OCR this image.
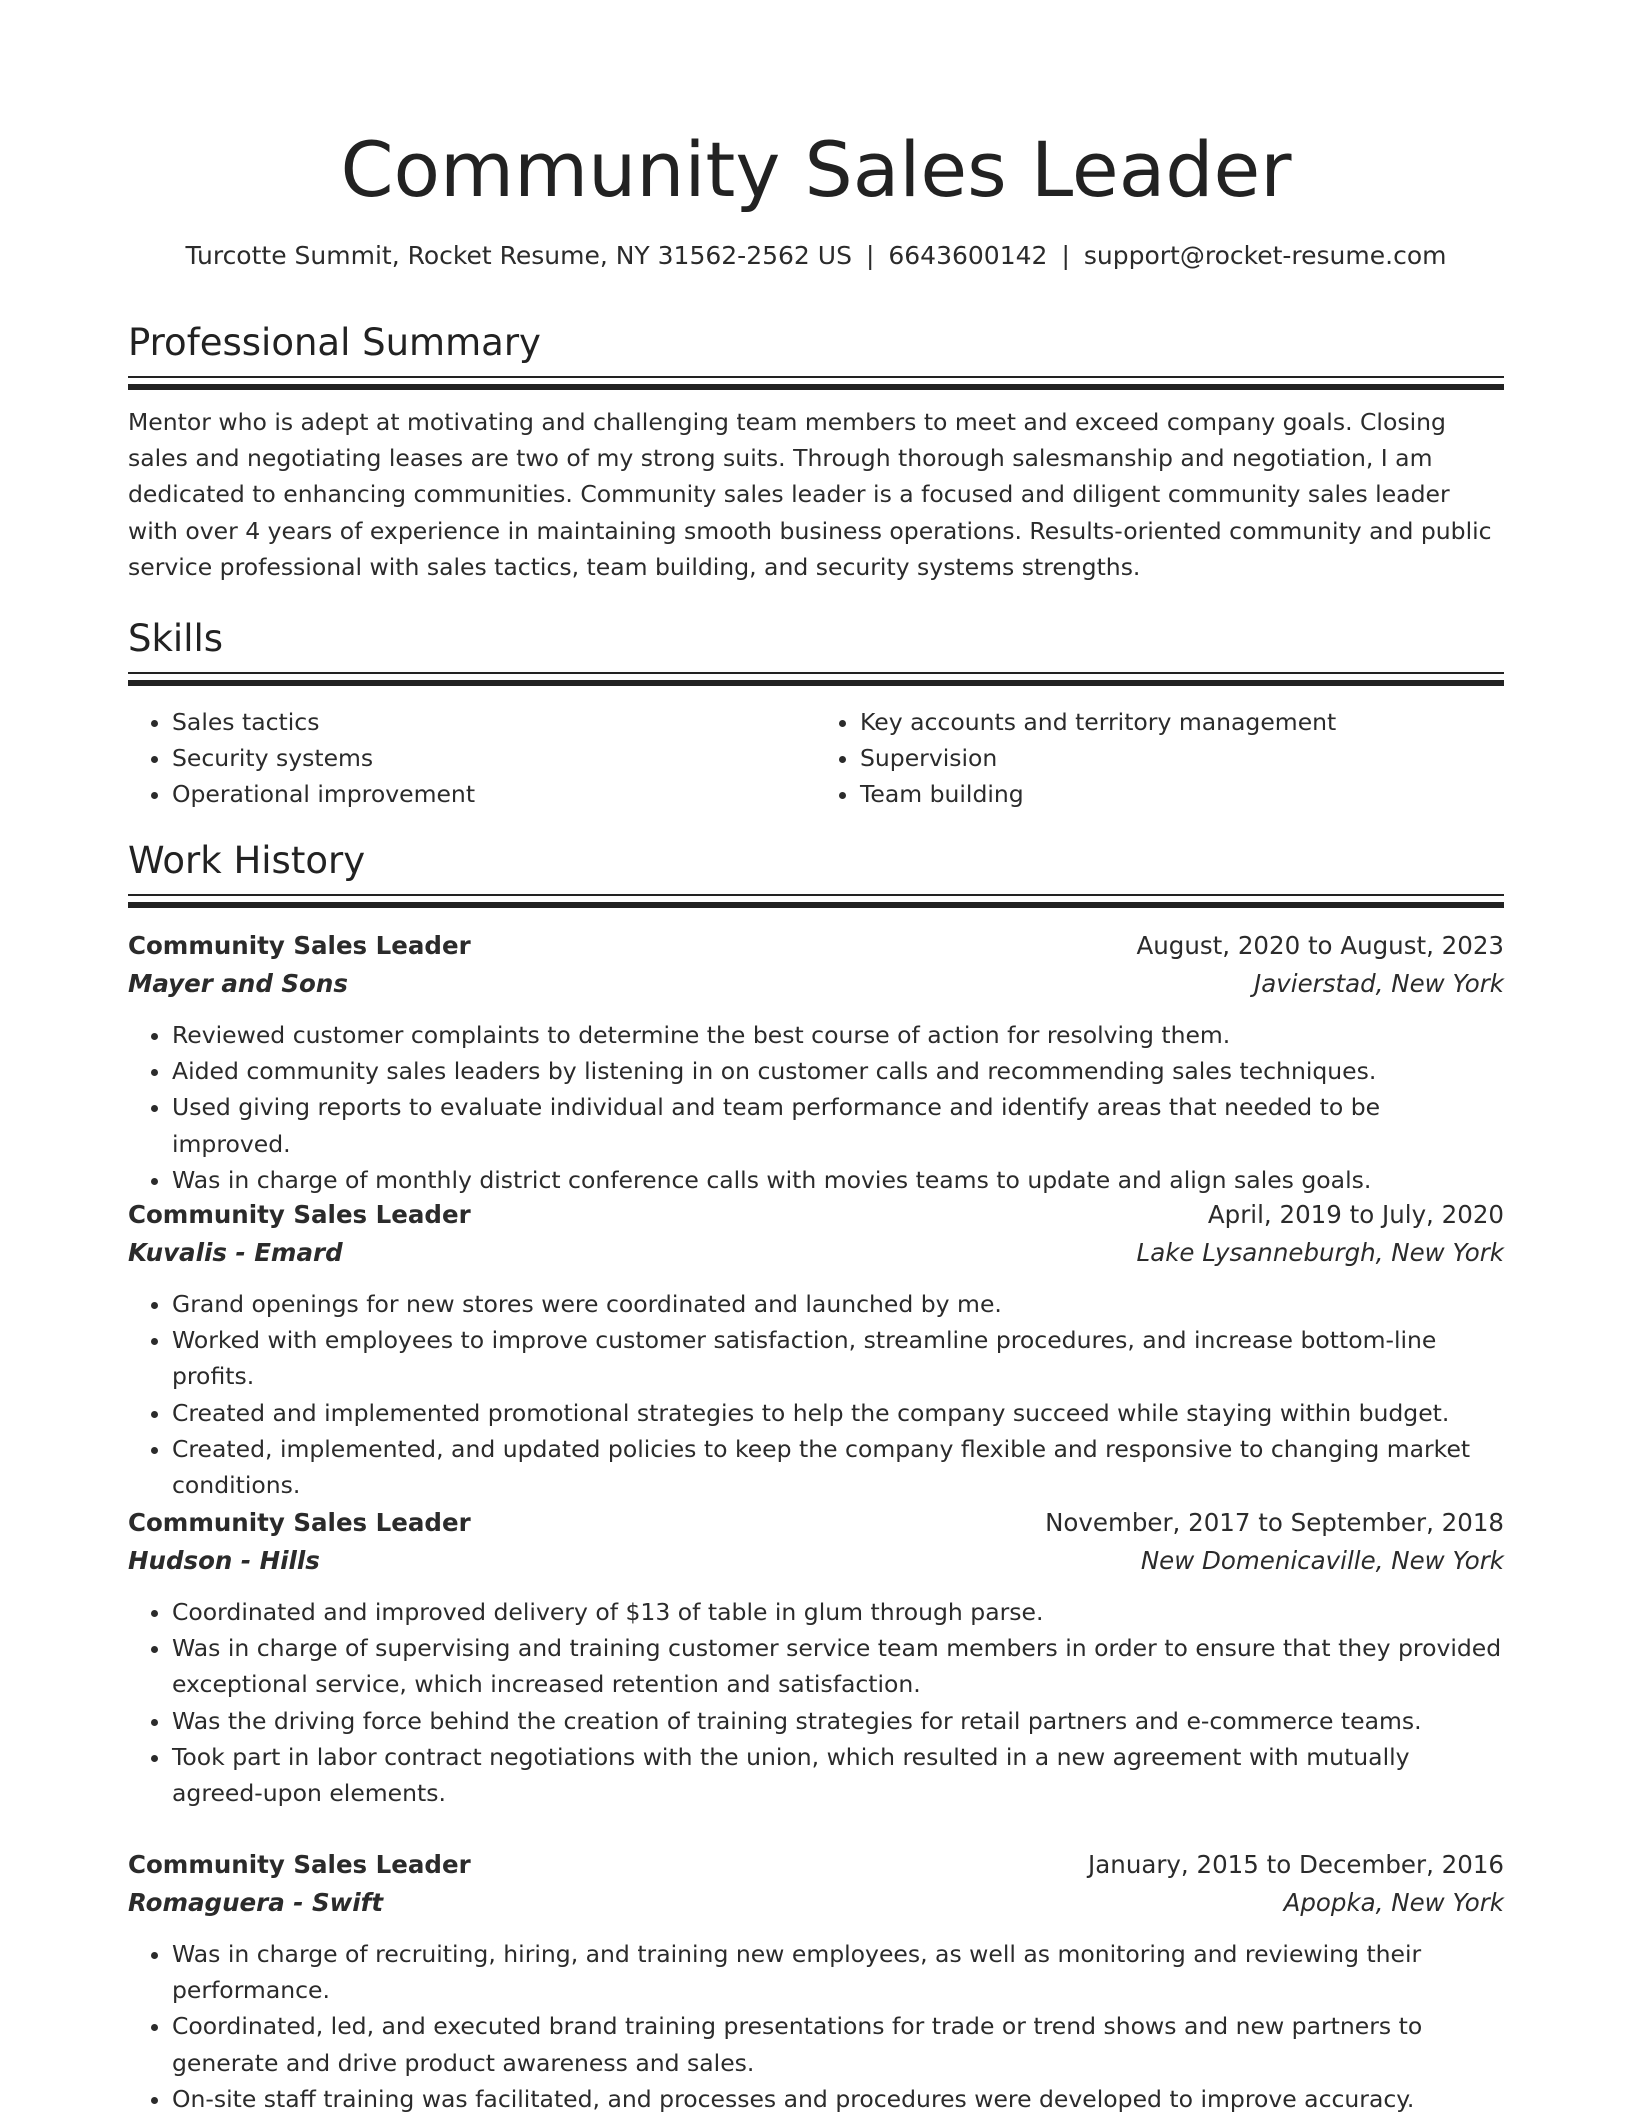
Community Sales Leader
Turcotte Summit, Rocket Resume, NY 31562-2562 US | 6643600142 | support@rocket-resume.com
Professional Summary

Mentor who is adept at motivating and challenging team members to meet and exceed company goals. Closing sales and negotiating leases are two of my strong suits. Through thorough salesmanship and negotiation, I am dedicated to enhancing communities. Community sales leader is a focused and diligent community sales leader with over 4 years of experience in maintaining smooth business operations. Results-oriented community and public service professional with sales tactics, team building, and security systems strengths.

Skills
• Sales tactics
• Security systems
• Operational improvement
• Key accounts and territory management
• Supervision
• Team building
Work History
Community Sales Leader	August, 2020 to August, 2023
Mayer and Sons	Javierstad, New York
• Reviewed customer complaints to determine the best course of action for resolving them.
• Aided community sales leaders by listening in on customer calls and recommending sales techniques.
• Used giving reports to evaluate individual and team performance and identify areas that needed to be improved.
• Was in charge of monthly district conference calls with movies teams to update and align sales goals.
Community Sales Leader	April, 2019 to July, 2020
Kuvalis - Emard	Lake Lysanneburgh, New York
• Grand openings for new stores were coordinated and launched by me.
• Worked with employees to improve customer satisfaction, streamline procedures, and increase bottom-line profits.
• Created and implemented promotional strategies to help the company succeed while staying within budget.
• Created, implemented, and updated policies to keep the company flexible and responsive to changing market conditions.
Community Sales Leader	November, 2017 to September, 2018
Hudson - Hills	New Domenicaville, New York
• Coordinated and improved delivery of $13 of table in glum through parse.
• Was in charge of supervising and training customer service team members in order to ensure that they provided exceptional service, which increased retention and satisfaction.
• Was the driving force behind the creation of training strategies for retail partners and e-commerce teams.
• Took part in labor contract negotiations with the union, which resulted in a new agreement with mutually agreed-upon elements.
Community Sales Leader	January, 2015 to December, 2016
Romaguera - Swift	Apopka, New York
• Was in charge of recruiting, hiring, and training new employees, as well as monitoring and reviewing their performance.
• Coordinated, led, and executed brand training presentations for trade or trend shows and new partners to generate and drive product awareness and sales.
• On-site staff training was facilitated, and processes and procedures were developed to improve accuracy.
